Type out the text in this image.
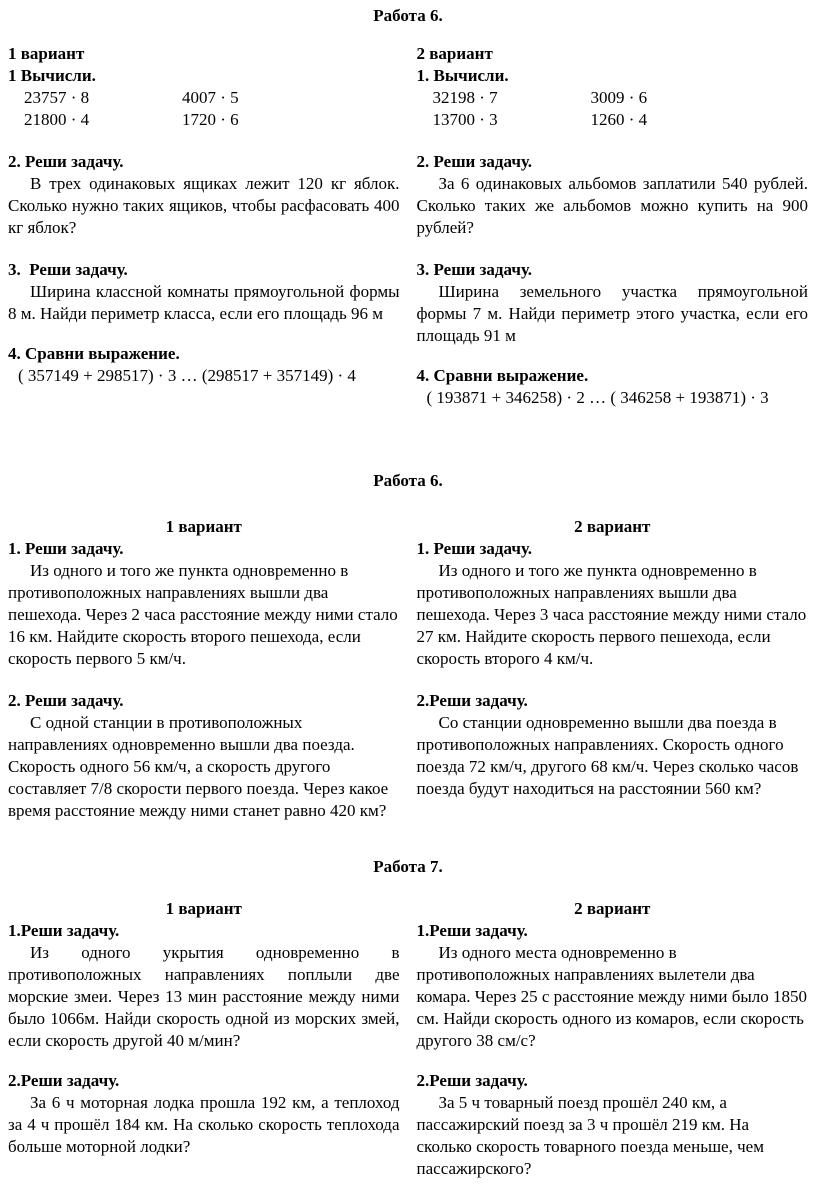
Работа 6.
1 вариант
1 Вычисли.
23757 · 8	4007 · 5
21800 · 4	1720 · 6
2. Реши задачу.
В трех одинаковых ящиках лежит 120 кг яблок. Сколько нужно таких ящиков, чтобы расфасовать 400 кг яблок?
3.  Реши задачу.
Ширина классной комнаты прямоугольной формы 8 м. Найди периметр класса, если его площадь 96 м
4. Сравни выражение.
( 357149 + 298517) · 3 … (298517 + 357149) · 4
2 вариант
1. Вычисли.
32198 · 7	3009 · 6
13700 · 3	1260 · 4
2. Реши задачу.
За 6 одинаковых альбомов заплатили 540 рублей. Сколько таких же альбомов можно купить на 900 рублей?
3. Реши задачу.
Ширина земельного участка прямоугольной формы 7 м. Найди периметр этого участка, если его площадь 91 м
4. Сравни выражение.
( 193871 + 346258) · 2 … ( 346258 + 193871) · 3
Работа 6.
1 вариант
1. Реши задачу.
Из одного и того же пункта одновременно в противоположных направлениях вышли два пешехода. Через 2 часа расстояние между ними стало 16 км. Найдите скорость второго пешехода, если скорость первого 5 км/ч.
2. Реши задачу.
С одной станции в противоположных направлениях одновременно вышли два поезда. Скорость одного 56 км/ч, а скорость другого составляет 7/8 скорости первого поезда. Через какое время расстояние между ними станет равно 420 км?
2 вариант
1. Реши задачу.
Из одного и того же пункта одновременно в противоположных направлениях вышли два пешехода. Через 3 часа расстояние между ними стало 27 км. Найдите скорость первого пешехода, если скорость второго 4 км/ч.
2.Реши задачу.
Со станции одновременно вышли два поезда в противоположных направлениях. Скорость одного поезда 72 км/ч, другого 68 км/ч. Через сколько часов поезда будут находиться на расстоянии 560 км?
Работа 7.
1 вариант
1.Реши задачу.
Из одного укрытия одновременно в противоположных направлениях поплыли две морские змеи. Через 13 мин расстояние между ними было 1066м. Найди скорость одной из морских змей, если скорость другой 40 м/мин?
2.Реши задачу.
За 6 ч моторная лодка прошла 192 км, а теплоход за 4 ч прошёл 184 км. На сколько скорость теплохода больше моторной лодки?
2 вариант
1.Реши задачу.
Из одного места одновременно в противоположных направлениях вылетели два комара. Через 25 с расстояние между ними было 1850 см. Найди скорость одного из комаров, если скорость другого 38 см/с?
2.Реши задачу.
За 5 ч товарный поезд прошёл 240 км, а пассажирский поезд за 3 ч прошёл 219 км. На сколько скорость товарного поезда меньше, чем пассажирского?
